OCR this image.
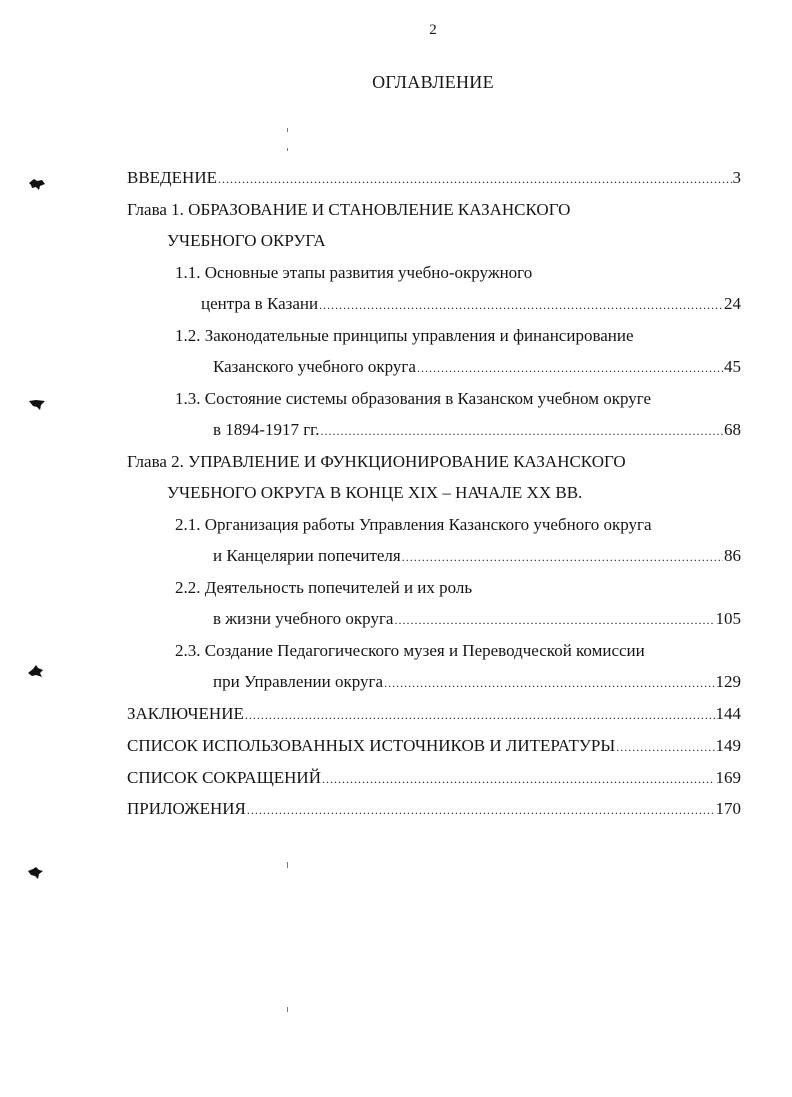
2
ОГЛАВЛЕНИЕ
ВВЕДЕНИЕ .....	3
Глава 1. ОБРАЗОВАНИЕ И СТАНОВЛЕНИЕ КАЗАНСКОГО
УЧЕБНОГО ОКРУГА
1.1. Основные этапы развития учебно-окружного
центра в Казани .....	24
1.2. Законодательные принципы управления и финансирование
Казанского учебного округа .....	45
1.3. Состояние системы образования в Казанском учебном округе
в 1894-1917 гг. .....	68
Глава 2. УПРАВЛЕНИЕ И ФУНКЦИОНИРОВАНИЕ КАЗАНСКОГО
УЧЕБНОГО ОКРУГА В КОНЦЕ XIX – НАЧАЛЕ XX ВВ.
2.1. Организация работы Управления Казанского учебного округа
и Канцелярии попечителя .....	86
2.2. Деятельность попечителей и их роль
в жизни учебного округа .....	105
2.3. Создание Педагогического музея и Переводческой комиссии
при Управлении округа .....	129
ЗАКЛЮЧЕНИЕ .....	144
СПИСОК ИСПОЛЬЗОВАННЫХ ИСТОЧНИКОВ И ЛИТЕРАТУРЫ .....	149
СПИСОК СОКРАЩЕНИЙ .....	169
ПРИЛОЖЕНИЯ .....	170
